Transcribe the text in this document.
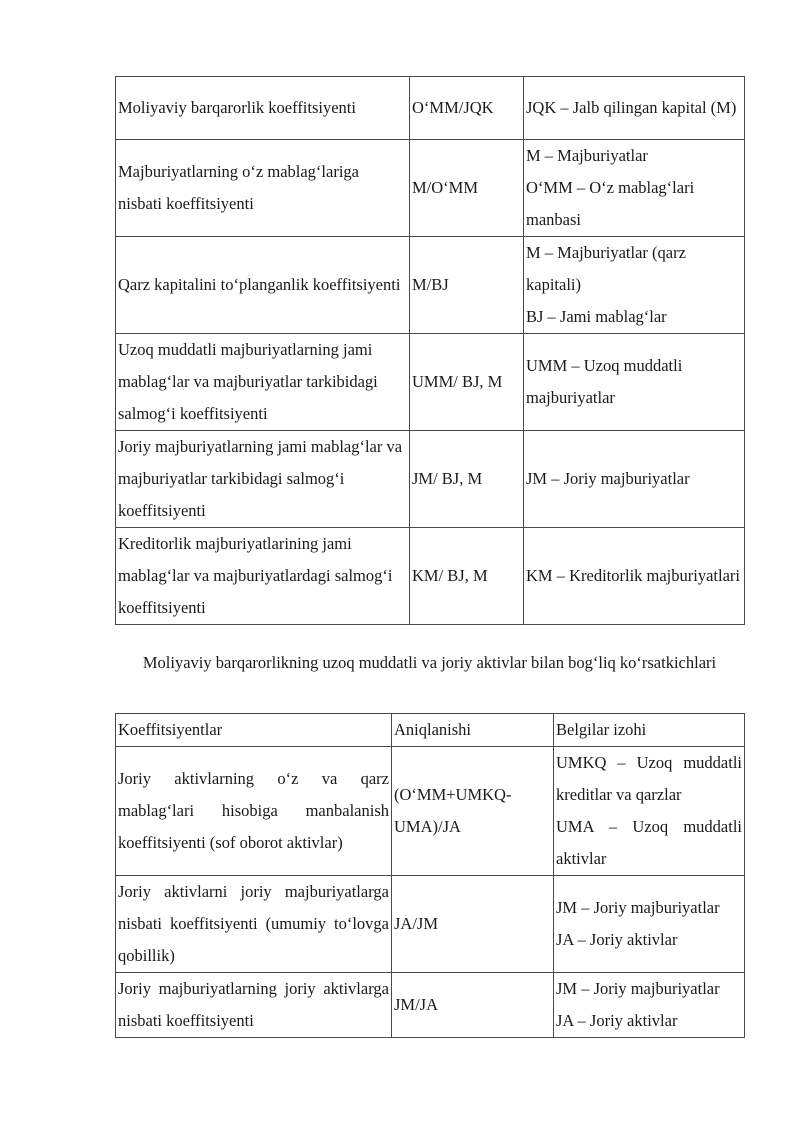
Moliyaviy barqarorlik koeffitsiyenti	O‘MM/JQK	JQK – Jalb qilingan kapital (M)

Majburiyatlarning o‘z mablag‘lariga nisbati koeffitsiyenti	M/O‘MM	M – Majburiyatlar
O‘MM – O‘z mablag‘lari manbasi

Qarz kapitalini to‘planganlik koeffitsiyenti	M/BJ	M – Majburiyatlar (qarz kapitali)
BJ – Jami mablag‘lar

Uzoq muddatli majburiyatlarning jami mablag‘lar va majburiyatlar tarkibidagi salmog‘i koeffitsiyenti	UMM/ BJ, M	UMM – Uzoq muddatli majburiyatlar

Joriy majburiyatlarning jami mablag‘lar va majburiyatlar tarkibidagi salmog‘i koeffitsiyenti	JM/ BJ, M	JM – Joriy majburiyatlar

Kreditorlik majburiyatlarining jami mablag‘lar va majburiyatlardagi salmog‘i koeffitsiyenti	KM/ BJ, M	KM – Kreditorlik majburiyatlari
Moliyaviy barqarorlikning uzoq muddatli va joriy aktivlar bilan bog‘liq ko‘rsatkichlari
Koeffitsiyentlar	Aniqlanishi	Belgilar izohi
Joriy aktivlarning o‘z va qarz mablag‘lari hisobiga manbalanish koeffitsiyenti (sof oborot aktivlar)	(O‘MM+UMKQ-UMA)/JA	UMKQ – Uzoq muddatli kreditlar va qarzlar
UMA – Uzoq muddatli aktivlar

Joriy aktivlarni joriy majburiyatlarga nisbati koeffitsiyenti (umumiy to‘lovga qobillik)	JA/JM	JM – Joriy majburiyatlar
JA – Joriy aktivlar

Joriy majburiyatlarning joriy aktivlarga nisbati koeffitsiyenti	JM/JA	JM – Joriy majburiyatlar
JA – Joriy aktivlar
